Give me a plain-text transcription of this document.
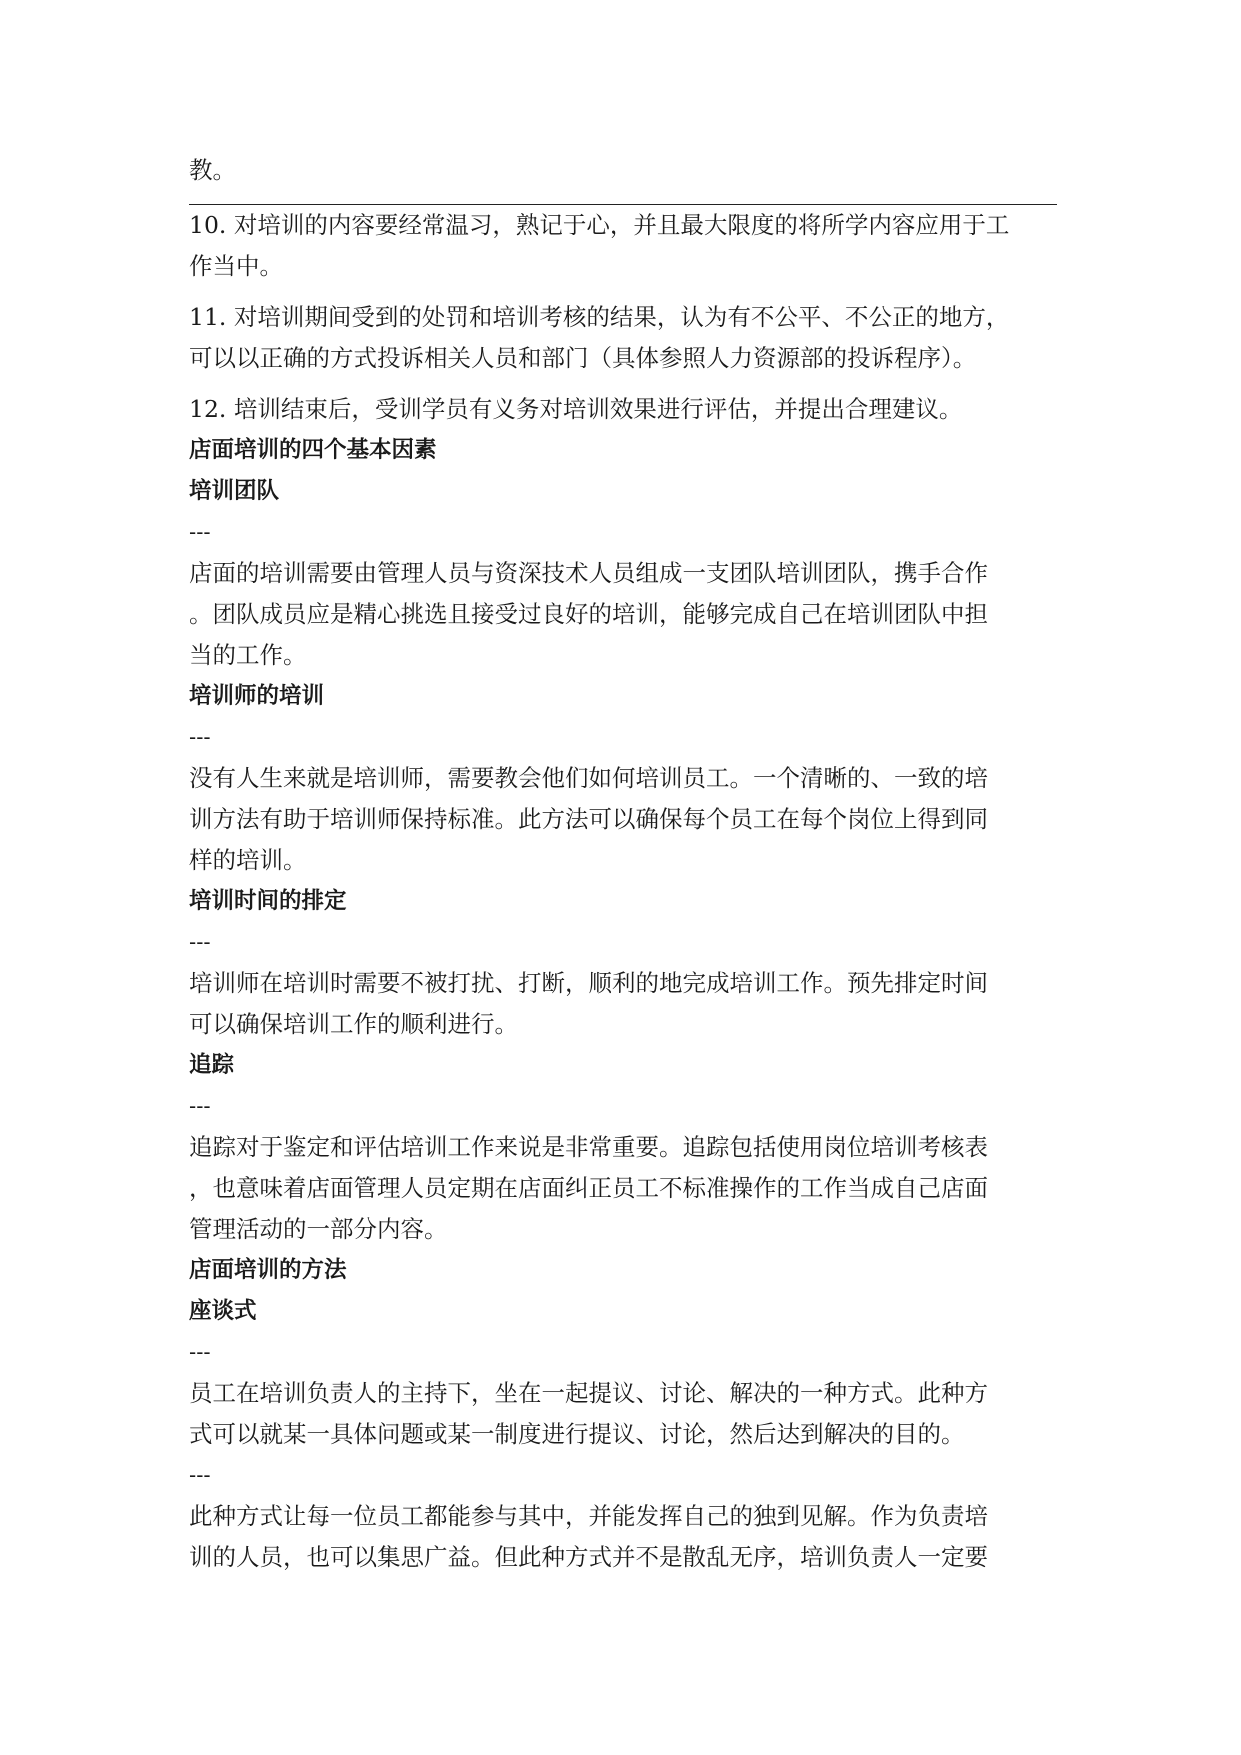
教。
10. 对培训的内容要经常温习，熟记于心，并且最大限度的将所学内容应用于工
作当中。
11. 对培训期间受到的处罚和培训考核的结果，认为有不公平、不公正的地方，
可以以正确的方式投诉相关人员和部门（具体参照人力资源部的投诉程序）。
12. 培训结束后，受训学员有义务对培训效果进行评估，并提出合理建议。
店面培训的四个基本因素
培训团队
---
店面的培训需要由管理人员与资深技术人员组成一支团队培训团队，携手合作
。团队成员应是精心挑选且接受过良好的培训，能够完成自己在培训团队中担
当的工作。
培训师的培训
---
没有人生来就是培训师，需要教会他们如何培训员工。一个清晰的、一致的培
训方法有助于培训师保持标准。此方法可以确保每个员工在每个岗位上得到同
样的培训。
培训时间的排定
---
培训师在培训时需要不被打扰、打断，顺利的地完成培训工作。预先排定时间
可以确保培训工作的顺利进行。
追踪
---
追踪对于鉴定和评估培训工作来说是非常重要。追踪包括使用岗位培训考核表
，也意味着店面管理人员定期在店面纠正员工不标准操作的工作当成自己店面
管理活动的一部分内容。
店面培训的方法
座谈式
---
员工在培训负责人的主持下，坐在一起提议、讨论、解决的一种方式。此种方
式可以就某一具体问题或某一制度进行提议、讨论，然后达到解决的目的。
---
此种方式让每一位员工都能参与其中，并能发挥自己的独到见解。作为负责培
训的人员，也可以集思广益。但此种方式并不是散乱无序，培训负责人一定要
